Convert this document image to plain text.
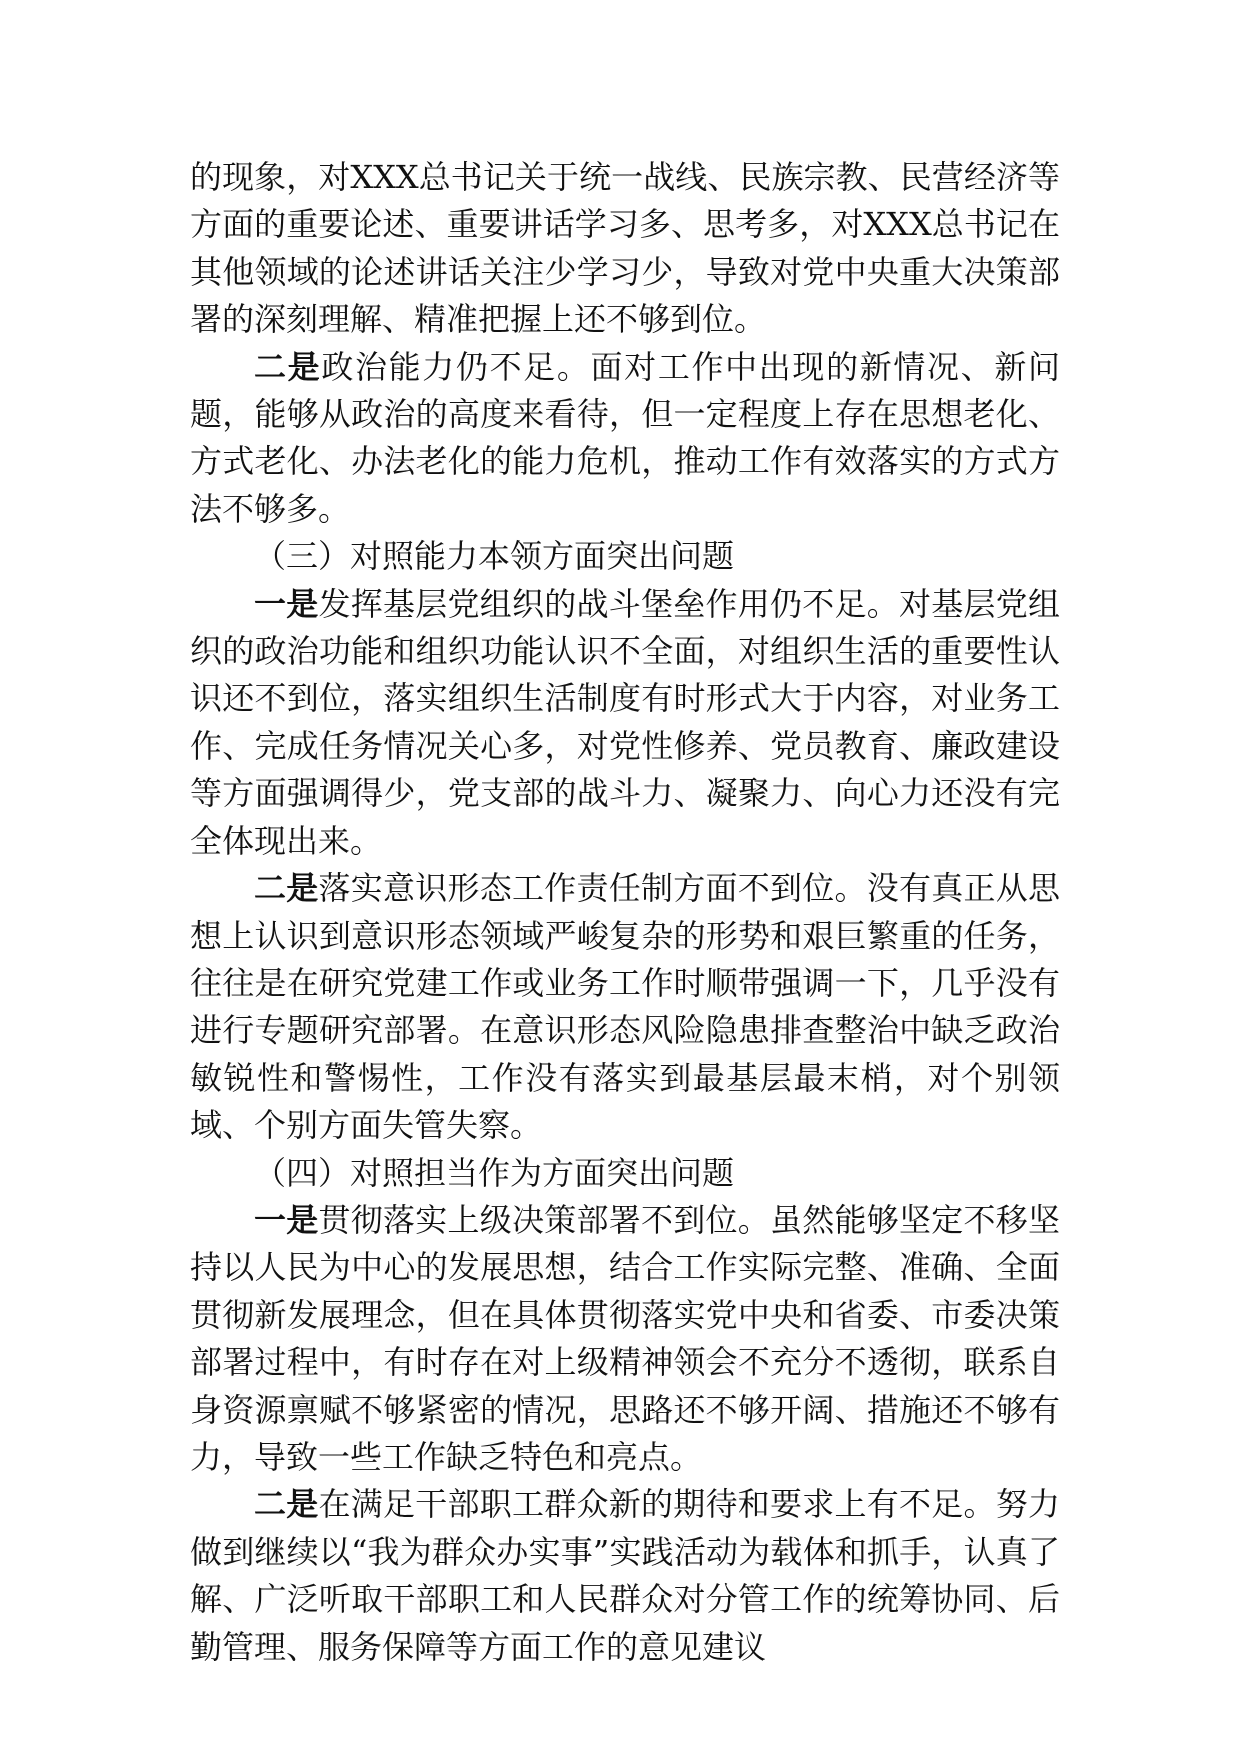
的现象，对XXX总书记关于统一战线、民族宗教、民营经济等方面的重要论述、重要讲话学习多、思考多，对XXX总书记在其他领域的论述讲话关注少学习少，导致对党中央重大决策部署的深刻理解、精准把握上还不够到位。

二是政治能力仍不足。面对工作中出现的新情况、新问题，能够从政治的高度来看待，但一定程度上存在思想老化、方式老化、办法老化的能力危机，推动工作有效落实的方式方法不够多。

（三）对照能力本领方面突出问题

一是发挥基层党组织的战斗堡垒作用仍不足。对基层党组织的政治功能和组织功能认识不全面，对组织生活的重要性认识还不到位，落实组织生活制度有时形式大于内容，对业务工作、完成任务情况关心多，对党性修养、党员教育、廉政建设等方面强调得少，党支部的战斗力、凝聚力、向心力还没有完全体现出来。

二是落实意识形态工作责任制方面不到位。没有真正从思想上认识到意识形态领域严峻复杂的形势和艰巨繁重的任务，往往是在研究党建工作或业务工作时顺带强调一下，几乎没有进行专题研究部署。在意识形态风险隐患排查整治中缺乏政治敏锐性和警惕性，工作没有落实到最基层最末梢，对个别领域、个别方面失管失察。

（四）对照担当作为方面突出问题

一是贯彻落实上级决策部署不到位。虽然能够坚定不移坚持以人民为中心的发展思想，结合工作实际完整、准确、全面贯彻新发展理念，但在具体贯彻落实党中央和省委、市委决策部署过程中，有时存在对上级精神领会不充分不透彻，联系自身资源禀赋不够紧密的情况，思路还不够开阔、措施还不够有力，导致一些工作缺乏特色和亮点。

二是在满足干部职工群众新的期待和要求上有不足。努力做到继续以“我为群众办实事”实践活动为载体和抓手，认真了解、广泛听取干部职工和人民群众对分管工作的统筹协同、后勤管理、服务保障等方面工作的意见建议
